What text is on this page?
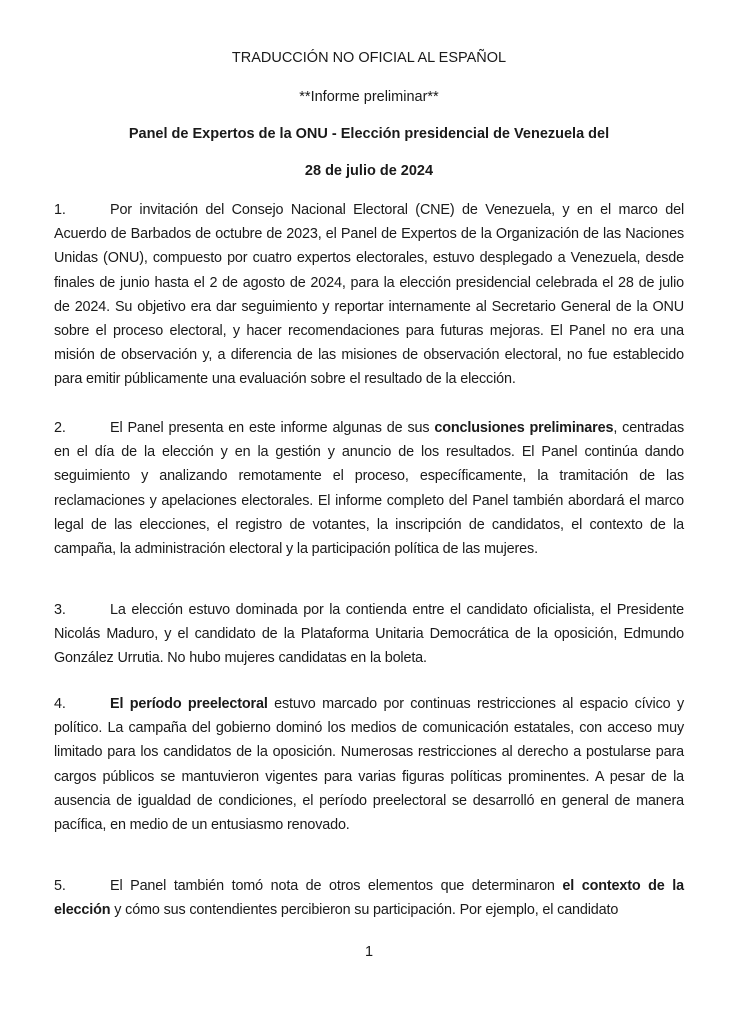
TRADUCCIÓN NO OFICIAL AL ESPAÑOL
**Informe preliminar**
Panel de Expertos de la ONU - Elección presidencial de Venezuela del
28 de julio de 2024

1.	Por invitación del Consejo Nacional Electoral (CNE) de Venezuela, y en el marco del Acuerdo de Barbados de octubre de 2023, el Panel de Expertos de la Organización de las Naciones Unidas (ONU), compuesto por cuatro expertos electorales, estuvo desplegado a Venezuela, desde finales de junio hasta el 2 de agosto de 2024, para la elección presidencial celebrada el 28 de julio de 2024. Su objetivo era dar seguimiento y reportar internamente al Secretario General de la ONU sobre el proceso electoral, y hacer recomendaciones para futuras mejoras. El Panel no era una misión de observación y, a diferencia de las misiones de observación electoral, no fue establecido para emitir públicamente una evaluación sobre el resultado de la elección.

2.	El Panel presenta en este informe algunas de sus conclusiones preliminares, centradas en el día de la elección y en la gestión y anuncio de los resultados. El Panel continúa dando seguimiento y analizando remotamente el proceso, específicamente, la tramitación de las reclamaciones y apelaciones electorales. El informe completo del Panel también abordará el marco legal de las elecciones, el registro de votantes, la inscripción de candidatos, el contexto de la campaña, la administración electoral y la participación política de las mujeres.

3.	La elección estuvo dominada por la contienda entre el candidato oficialista, el Presidente Nicolás Maduro, y el candidato de la Plataforma Unitaria Democrática de la oposición, Edmundo González Urrutia. No hubo mujeres candidatas en la boleta.

4.	El período preelectoral estuvo marcado por continuas restricciones al espacio cívico y político. La campaña del gobierno dominó los medios de comunicación estatales, con acceso muy limitado para los candidatos de la oposición. Numerosas restricciones al derecho a postularse para cargos públicos se mantuvieron vigentes para varias figuras políticas prominentes. A pesar de la ausencia de igualdad de condiciones, el período preelectoral se desarrolló en general de manera pacífica, en medio de un entusiasmo renovado.

5.	El Panel también tomó nota de otros elementos que determinaron el contexto de la elección y cómo sus contendientes percibieron su participación. Por ejemplo, el candidato

1
